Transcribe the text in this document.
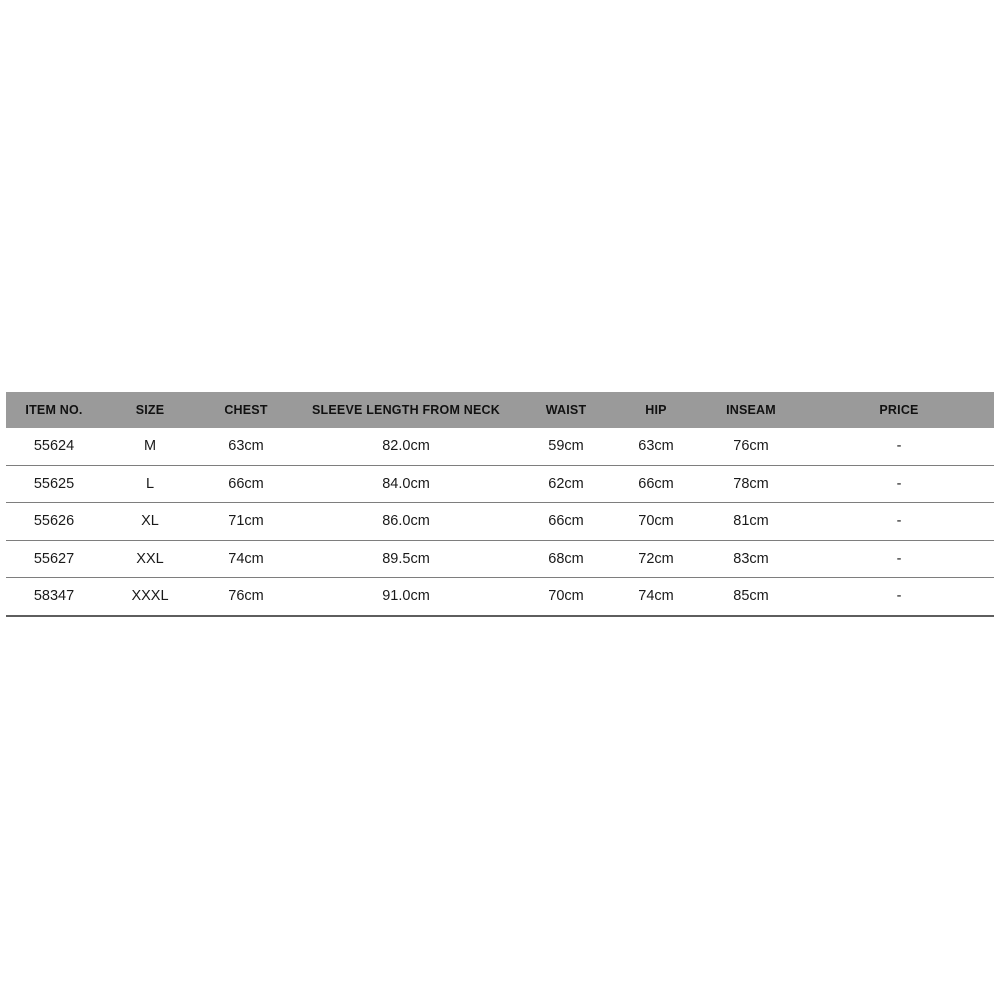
ITEM NO.	SIZE	CHEST	SLEEVE LENGTH FROM NECK	WAIST	HIP	INSEAM	PRICE
55624	M	63cm	82.0cm	59cm	63cm	76cm	-
55625	L	66cm	84.0cm	62cm	66cm	78cm	-
55626	XL	71cm	86.0cm	66cm	70cm	81cm	-
55627	XXL	74cm	89.5cm	68cm	72cm	83cm	-
58347	XXXL	76cm	91.0cm	70cm	74cm	85cm	-
